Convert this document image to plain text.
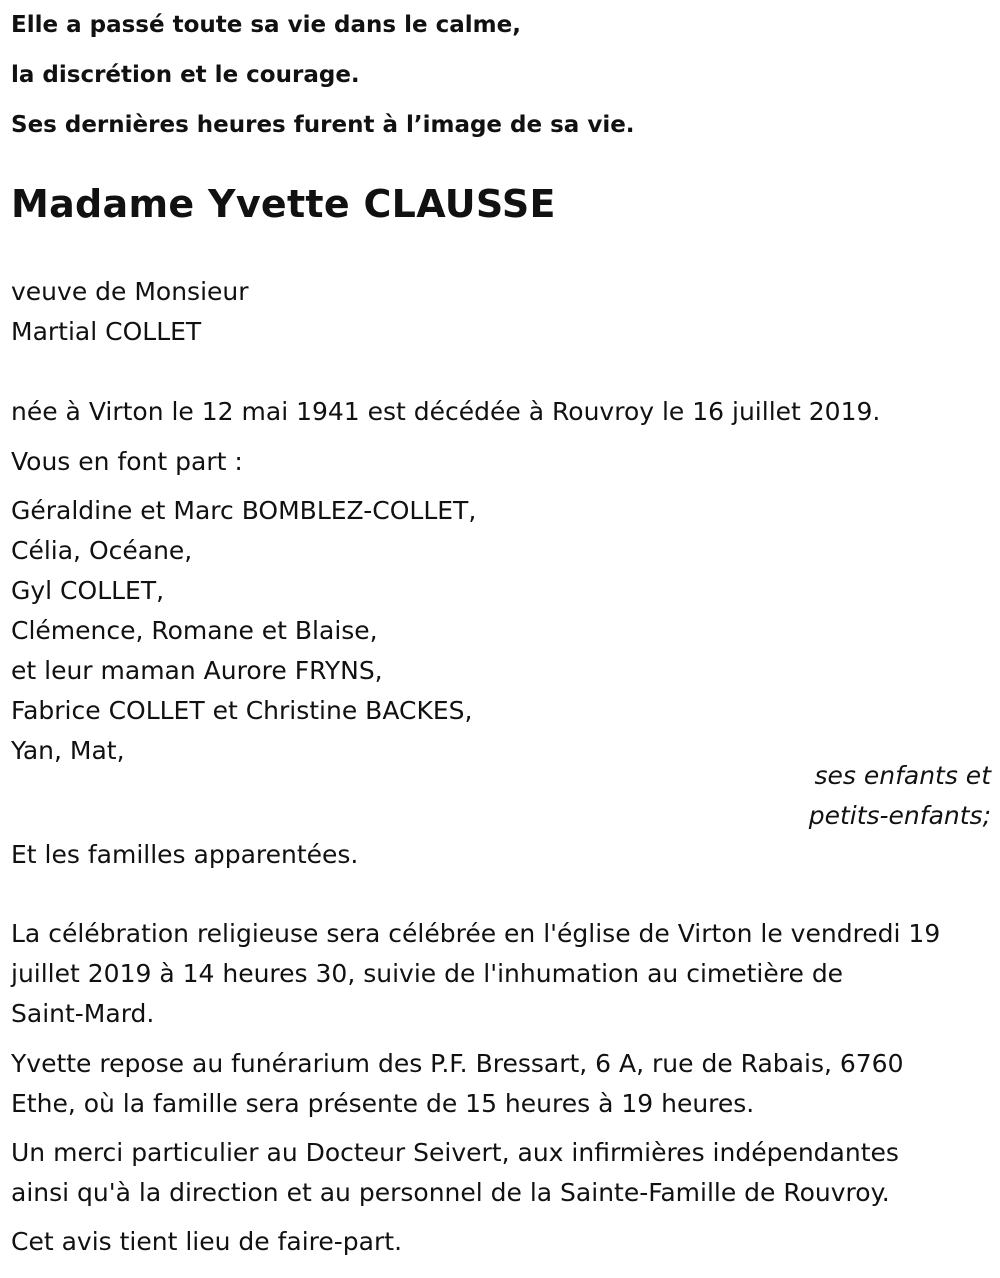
Elle a passé toute sa vie dans le calme,

la discrétion et le courage.

Ses dernières heures furent à l’image de sa vie.

Madame Yvette CLAUSSE
veuve de Monsieur
Martial COLLET

née à Virton le 12 mai 1941 est décédée à Rouvroy le 16 juillet 2019.

Vous en font part :

Géraldine et Marc BOMBLEZ-COLLET,
Célia, Océane,
Gyl COLLET,
Clémence, Romane et Blaise,
et leur maman Aurore FRYNS,
Fabrice COLLET et Christine BACKES,
Yan, Mat,
ses enfants et
petits-enfants;

Et les familles apparentées.

La célébration religieuse sera célébrée en l'église de Virton le vendredi 19
juillet 2019 à 14 heures 30, suivie de l'inhumation au cimetière de
Saint-Mard.
Yvette repose au funérarium des P.F. Bressart, 6 A, rue de Rabais, 6760
Ethe, où la famille sera présente de 15 heures à 19 heures.
Un merci particulier au Docteur Seivert, aux infirmières indépendantes
ainsi qu'à la direction et au personnel de la Sainte-Famille de Rouvroy.

Cet avis tient lieu de faire-part.
